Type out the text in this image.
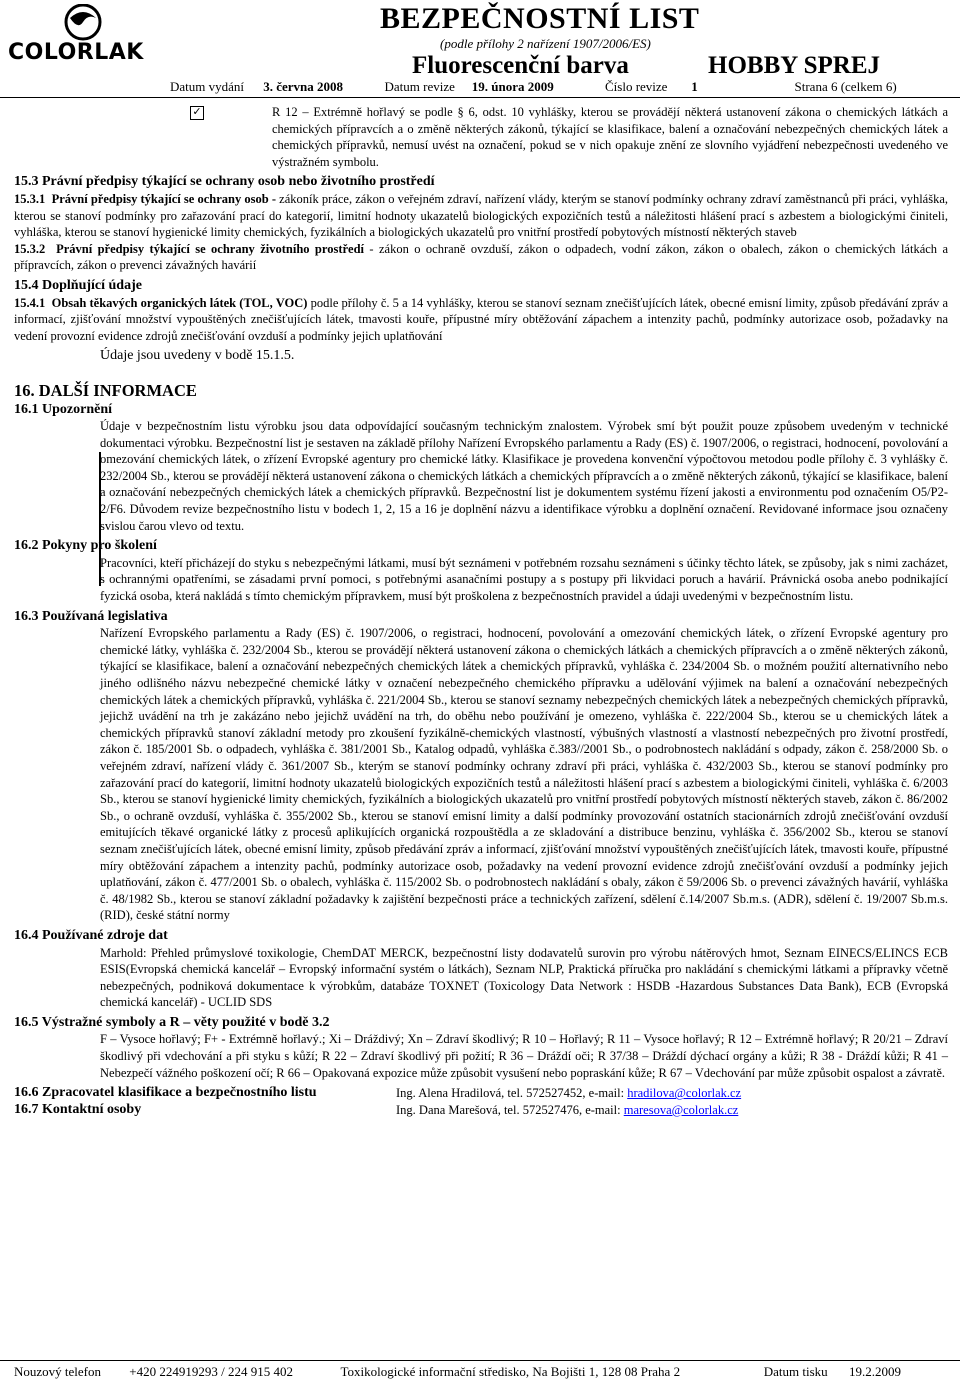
COLORLAK
BEZPEČNOSTNÍ LIST
(podle přílohy 2 nařízení 1907/2006/ES)
Fluorescenční barva	HOBBY SPREJ
Datum vydání 3. června 2008	Datum revize 19. února 2009	Číslo revize 1	Strana 6 (celkem 6)
✓	R 12 – Extrémně hořlavý se podle § 6, odst. 10 vyhlášky, kterou se provádějí některá ustanovení zákona o chemických látkách a chemických přípravcích a o změně některých zákonů, týkající se klasifikace, balení a označování nebezpečných chemických látek a chemických přípravků, nemusí uvést na označení, pokud se v nich opakuje znění ze slovního vyjádření nebezpečnosti uvedeného ve výstražném symbolu.
15.3 Právní předpisy týkající se ochrany osob nebo životního prostředí
15.3.1 Právní předpisy týkající se ochrany osob - zákoník práce, zákon o veřejném zdraví, nařízení vlády, kterým se stanoví podmínky ochrany zdraví zaměstnanců při práci, vyhláška, kterou se stanoví podmínky pro zařazování prací do kategorií, limitní hodnoty ukazatelů biologických expozičních testů a náležitosti hlášení prací s azbestem a biologickými činiteli, vyhláška, kterou se stanoví hygienické limity chemických, fyzikálních a biologických ukazatelů pro vnitřní prostředí pobytových místností některých staveb
15.3.2 Právní předpisy týkající se ochrany životního prostředí - zákon o ochraně ovzduší, zákon o odpadech, vodní zákon, zákon o obalech, zákon o chemických látkách a přípravcích, zákon o prevenci závažných havárií
15.4 Doplňující údaje
15.4.1 Obsah těkavých organických látek (TOL, VOC) podle přílohy č. 5 a 14 vyhlášky, kterou se stanoví seznam znečišťujících látek, obecné emisní limity, způsob předávání zpráv a informací, zjišťování množství vypouštěných znečišťujících látek, tmavosti kouře, přípustné míry obtěžování zápachem a intenzity pachů, podmínky autorizace osob, požadavky na vedení provozní evidence zdrojů znečišťování ovzduší a podmínky jejich uplatňování
Údaje jsou uvedeny v bodě 15.1.5.
16. DALŠÍ INFORMACE
16.1 Upozornění
Údaje v bezpečnostním listu výrobku jsou data odpovídající současným technickým znalostem. Výrobek smí být použit pouze způsobem uvedeným v technické dokumentaci výrobku. Bezpečnostní list je sestaven na základě přílohy Nařízení Evropského parlamentu a Rady (ES) č. 1907/2006, o registraci, hodnocení, povolování a omezování chemických látek, o zřízení Evropské agentury pro chemické látky. Klasifikace je provedena konvenční výpočtovou metodou podle přílohy č. 3 vyhlášky č. 232/2004 Sb., kterou se provádějí některá ustanovení zákona o chemických látkách a chemických přípravcích a o změně některých zákonů, týkající se klasifikace, balení a označování nebezpečných chemických látek a chemických přípravků. Bezpečnostní list je dokumentem systému řízení jakosti a environmentu pod označením O5/P2-2/F6. Důvodem revize bezpečnostního listu v bodech 1, 2, 15 a 16 je doplnění názvu a identifikace výrobku a doplnění označení. Revidované informace jsou označeny svislou čarou vlevo od textu.
16.2 Pokyny pro školení
Pracovníci, kteří přicházejí do styku s nebezpečnými látkami, musí být seznámeni v potřebném rozsahu seznámeni s účinky těchto látek, se způsoby, jak s nimi zacházet, s ochrannými opatřeními, se zásadami první pomoci, s potřebnými asanačními postupy a s postupy při likvidaci poruch a havárií. Právnická osoba anebo podnikající fyzická osoba, která nakládá s tímto chemickým přípravkem, musí být proškolena z bezpečnostních pravidel a údaji uvedenými v bezpečnostním listu.
16.3 Používaná legislativa
Nařízení Evropského parlamentu a Rady (ES) č. 1907/2006, o registraci, hodnocení, povolování a omezování chemických látek, o zřízení Evropské agentury pro chemické látky, vyhláška č. 232/2004 Sb., kterou se provádějí některá ustanovení zákona o chemických látkách a chemických přípravcích a o změně některých zákonů, týkající se klasifikace, balení a označování nebezpečných chemických látek a chemických přípravků, vyhláška č. 234/2004 Sb. o možném použití alternativního nebo jiného odlišného názvu nebezpečné chemické látky v označení nebezpečného chemického přípravku a udělování výjimek na balení a označování nebezpečných chemických látek a chemických přípravků, vyhláška č. 221/2004 Sb., kterou se stanoví seznamy nebezpečných chemických látek a nebezpečných chemických přípravků, jejichž uvádění na trh je zakázáno nebo jejichž uvádění na trh, do oběhu nebo používání je omezeno, vyhláška č. 222/2004 Sb., kterou se u chemických látek a chemických přípravků stanoví základní metody pro zkoušení fyzikálně-chemických vlastností, výbušných vlastností a vlastností nebezpečných pro životní prostředí, zákon č. 185/2001 Sb. o odpadech, vyhláška č. 381/2001 Sb., Katalog odpadů, vyhláška č.383//2001 Sb., o podrobnostech nakládání s odpady, zákon č. 258/2000 Sb. o veřejném zdraví, nařízení vlády č. 361/2007 Sb., kterým se stanoví podmínky ochrany zdraví při práci, vyhláška č. 432/2003 Sb., kterou se stanoví podmínky pro zařazování prací do kategorií, limitní hodnoty ukazatelů biologických expozičních testů a náležitosti hlášení prací s azbestem a biologickými činiteli, vyhláška č. 6/2003 Sb., kterou se stanoví hygienické limity chemických, fyzikálních a biologických ukazatelů pro vnitřní prostředí pobytových místností některých staveb, zákon č. 86/2002 Sb., o ochraně ovzduší, vyhláška č. 355/2002 Sb., kterou se stanoví emisní limity a další podmínky provozování ostatních stacionárních zdrojů znečišťování ovzduší emitujících těkavé organické látky z procesů aplikujících organická rozpouštědla a ze skladování a distribuce benzinu, vyhláška č. 356/2002 Sb., kterou se stanoví seznam znečišťujících látek, obecné emisní limity, způsob předávání zpráv a informací, zjišťování množství vypouštěných znečišťujících látek, tmavosti kouře, přípustné míry obtěžování zápachem a intenzity pachů, podmínky autorizace osob, požadavky na vedení provozní evidence zdrojů znečišťování ovzduší a podmínky jejich uplatňování, zákon č. 477/2001 Sb. o obalech, vyhláška č. 115/2002 Sb. o podrobnostech nakládání s obaly, zákon č 59/2006 Sb. o prevenci závažných havárií, vyhláška č. 48/1982 Sb., kterou se stanoví základní požadavky k zajištění bezpečnosti práce a technických zařízení, sdělení č.14/2007 Sb.m.s. (ADR), sdělení č. 19/2007 Sb.m.s. (RID), české státní normy
16.4 Používané zdroje dat
Marhold: Přehled průmyslové toxikologie, ChemDAT MERCK, bezpečnostní listy dodavatelů surovin pro výrobu nátěrových hmot, Seznam EINECS/ELINCS ECB ESIS(Evropská chemická kancelář – Evropský informační systém o látkách), Seznam NLP, Praktická příručka pro nakládání s chemickými látkami a přípravky včetně nebezpečných, podniková dokumentace k výrobkům, databáze TOXNET (Toxicology Data Network : HSDB -Hazardous Substances Data Bank), ECB (Evropská chemická kancelář) - UCLID SDS
16.5 Výstražné symboly a R – věty použité v bodě 3.2
F – Vysoce hořlavý; F+ - Extrémně hořlavý.; Xi – Dráždivý; Xn – Zdraví škodlivý; R 10 – Hořlavý; R 11 – Vysoce hořlavý; R 12 – Extrémně hořlavý; R 20/21 – Zdraví škodlivý při vdechování a při styku s kůží; R 22 – Zdraví škodlivý při požití; R 36 – Dráždí oči; R 37/38 – Dráždí dýchací orgány a kůži; R 38 - Dráždí kůži; R 41 – Nebezpečí vážného poškození očí; R 66 – Opakovaná expozice může způsobit vysušení nebo popraskání kůže; R 67 – Vdechování par může způsobit ospalost a závratě.
16.6 Zpracovatel klasifikace a bezpečnostního listu	Ing. Alena Hradilová, tel. 572527452, e-mail: hradilova@colorlak.cz
16.7 Kontaktní osoby	Ing. Dana Marešová, tel. 572527476, e-mail: maresova@colorlak.cz
Nouzový telefon +420 224919293 / 224 915 402	Toxikologické informační středisko, Na Bojišti 1, 128 08 Praha 2	Datum tisku 19.2.2009
